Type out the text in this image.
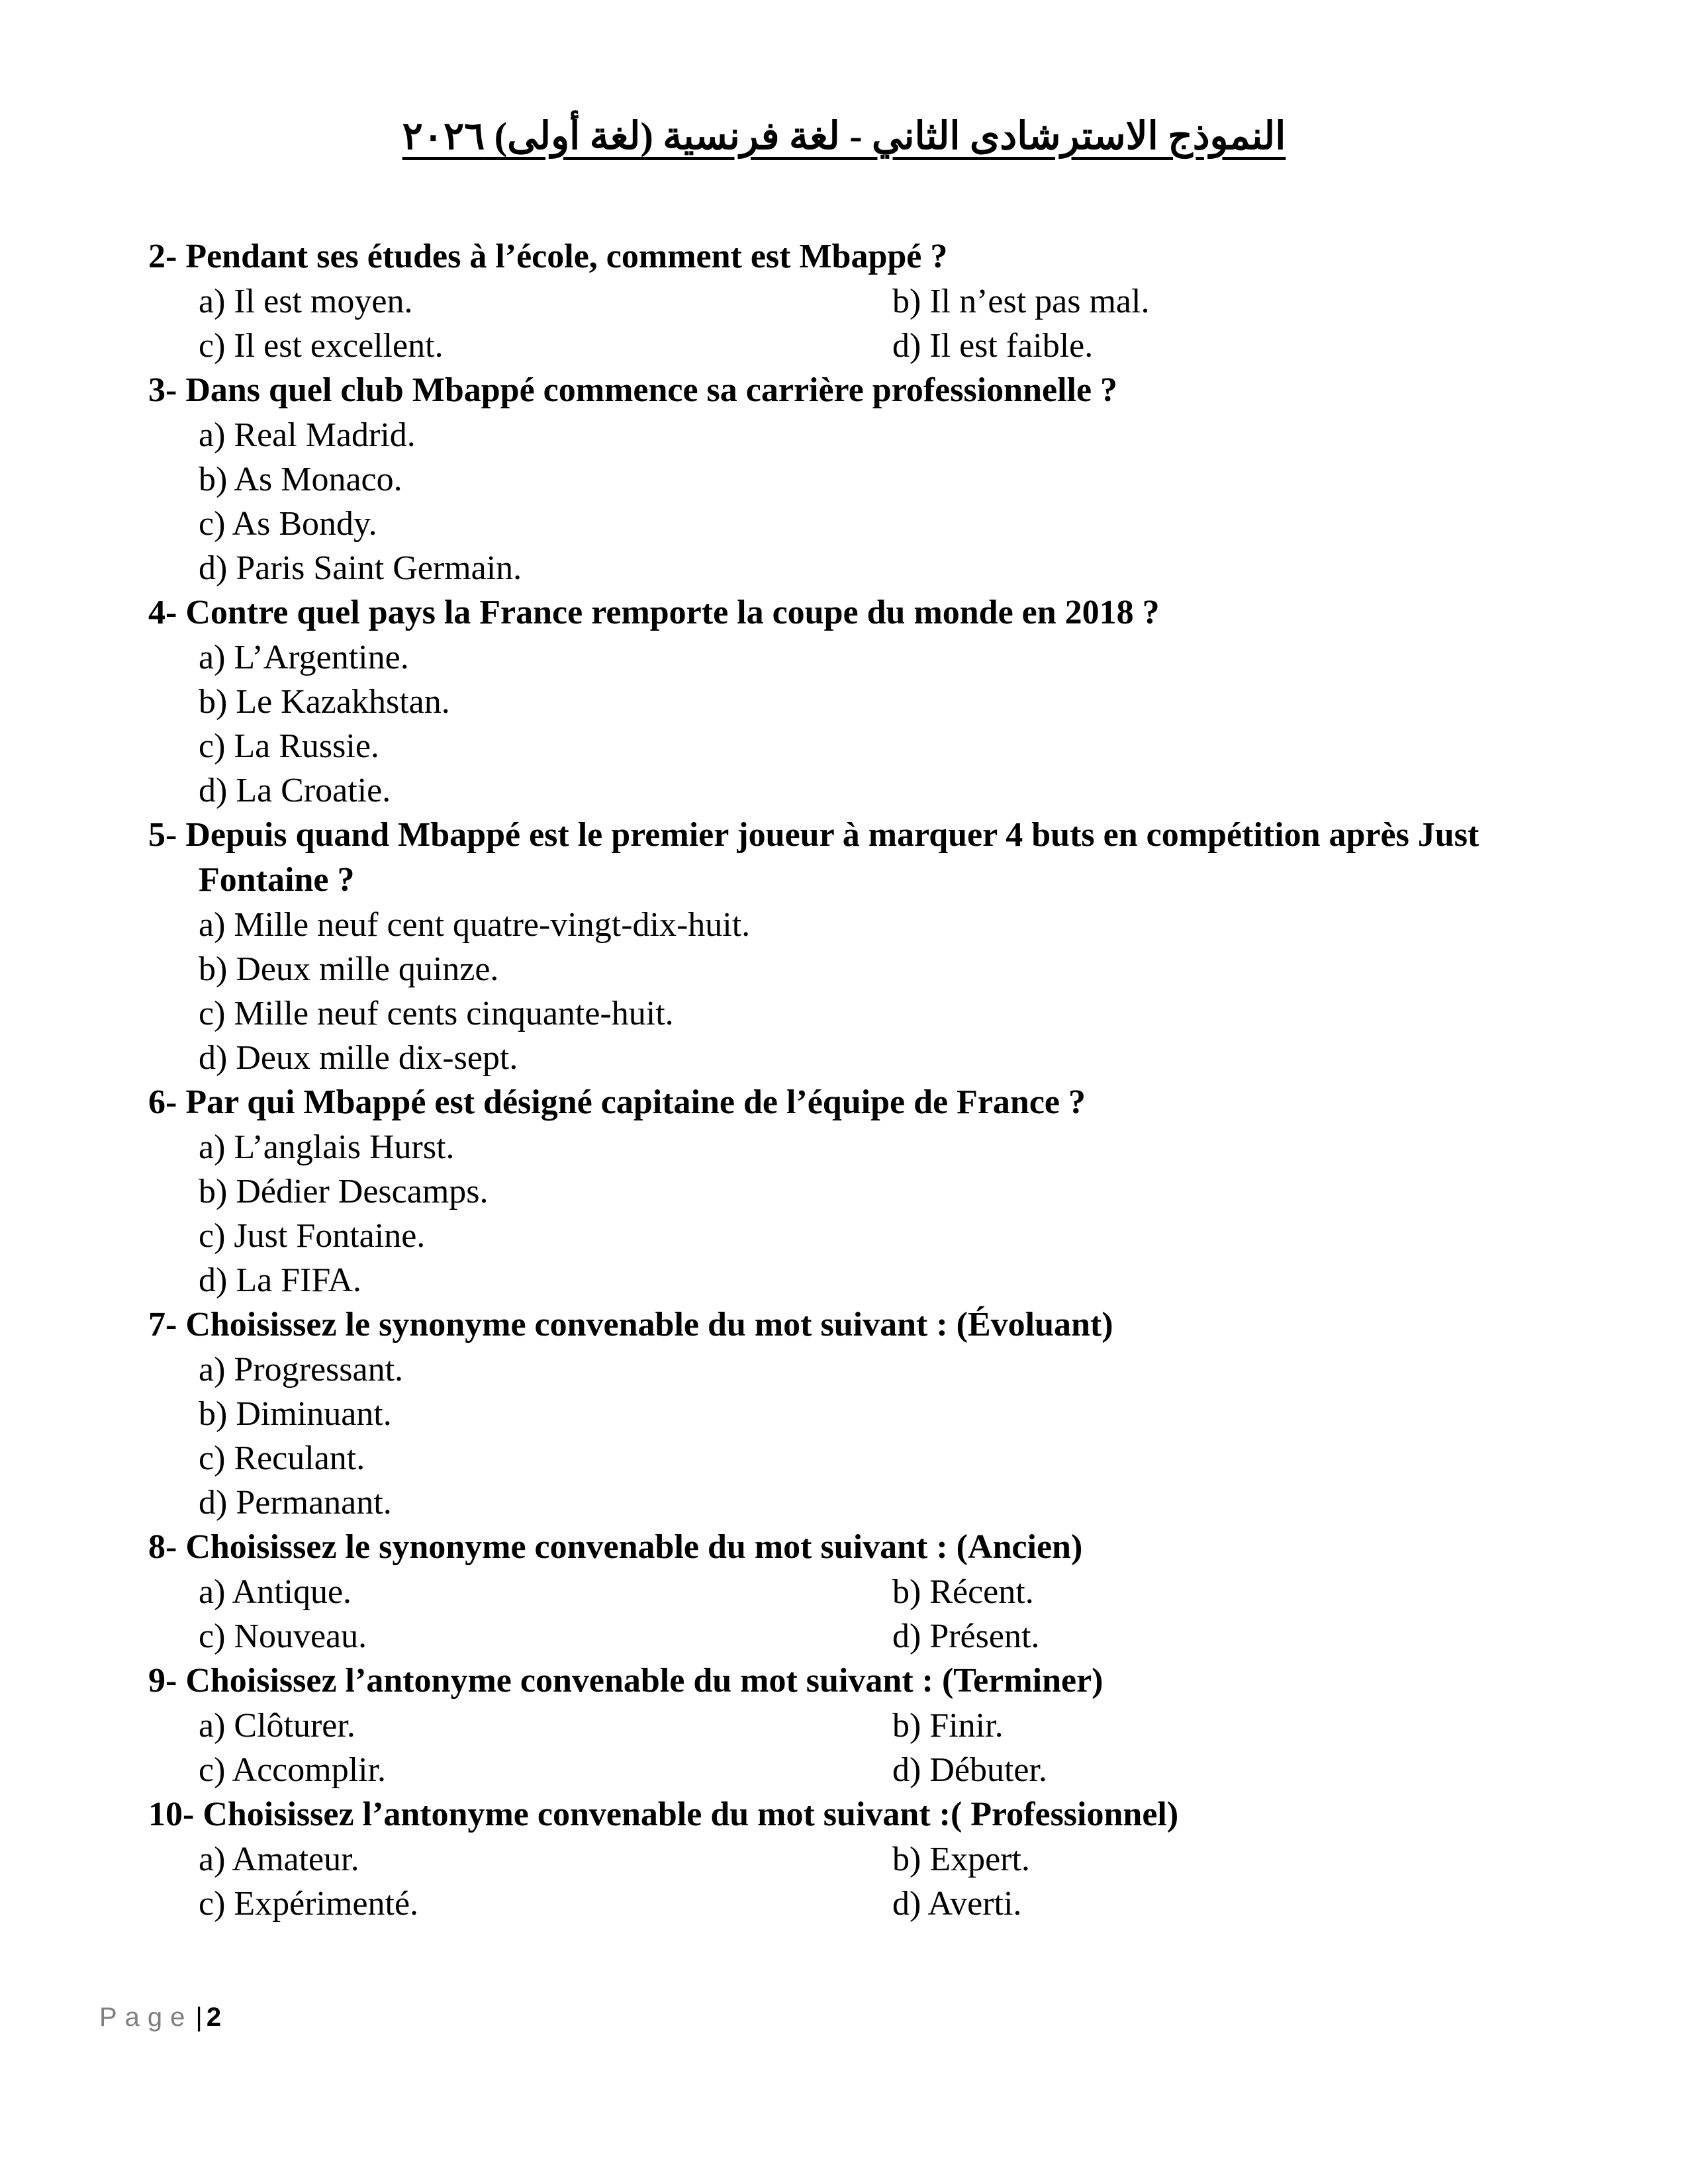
النموذج الاسترشادى الثاني - لغة فرنسية (لغة أولى) ٢٠٢٦
2- Pendant ses études à l’école, comment est Mbappé ?
a) Il est moyen.	b) Il n’est pas mal.
c) Il est excellent.	d) Il est faible.
3- Dans quel club Mbappé commence sa carrière professionnelle ?
a) Real Madrid.
b) As Monaco.
c) As Bondy.
d) Paris Saint Germain.
4- Contre quel pays la France remporte la coupe du monde en 2018 ?
a) L’Argentine.
b) Le Kazakhstan.
c) La Russie.
d) La Croatie.
5- Depuis quand Mbappé est le premier joueur à marquer 4 buts en compétition après Just Fontaine ?
a) Mille neuf cent quatre-vingt-dix-huit.
b) Deux mille quinze.
c) Mille neuf cents cinquante-huit.
d) Deux mille dix-sept.
6- Par qui Mbappé est désigné capitaine de l’équipe de France ?
a) L’anglais Hurst.
b) Dédier Descamps.
c) Just Fontaine.
d) La FIFA.
7- Choisissez le synonyme convenable du mot suivant : (Évoluant)
a) Progressant.
b) Diminuant.
c) Reculant.
d) Permanant.
8- Choisissez le synonyme convenable du mot suivant : (Ancien)
a) Antique.	b) Récent.
c) Nouveau.	d) Présent.
9- Choisissez l’antonyme convenable du mot suivant : (Terminer)
a) Clôturer.	b) Finir.
c) Accomplir.	d) Débuter.
10- Choisissez l’antonyme convenable du mot suivant :( Professionnel)
a) Amateur.	b) Expert.
c) Expérimenté.	d) Averti.
Page | 2
